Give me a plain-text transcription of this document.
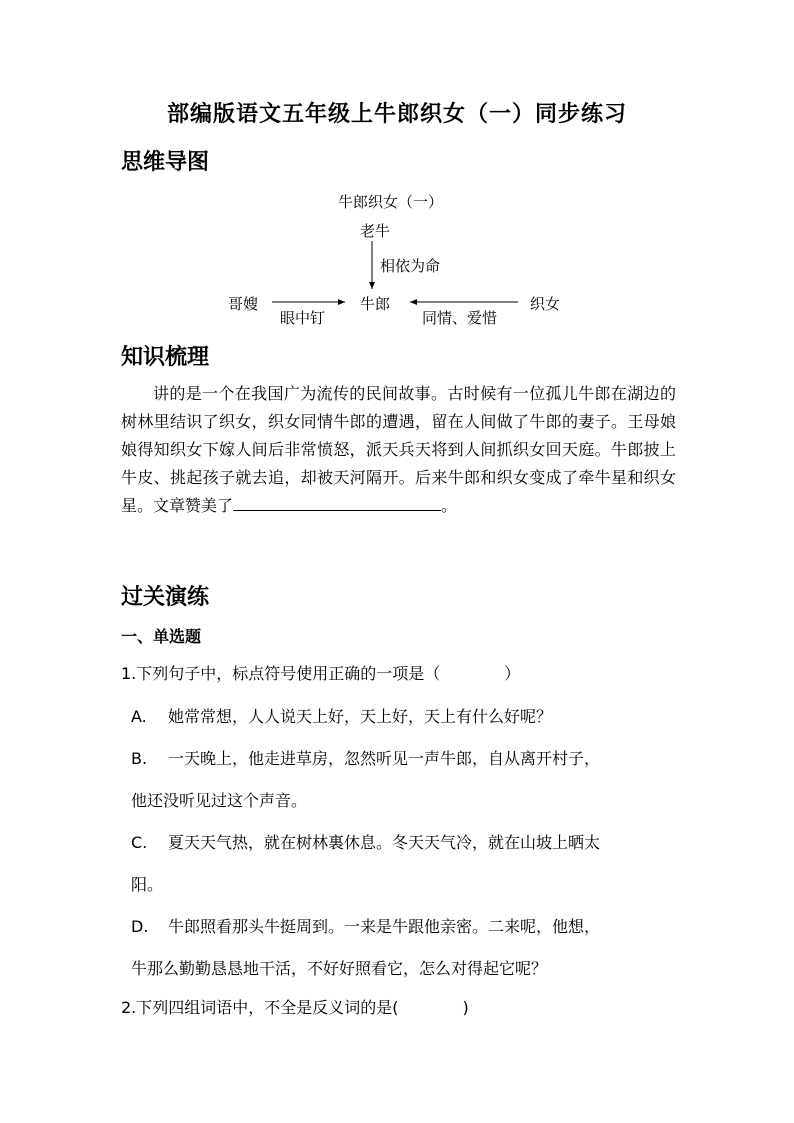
部编版语文五年级上牛郎织女（一）同步练习
思维导图
牛郎织女（一）
老牛
相依为命
哥嫂
眼中钉
牛郎
同情、爱惜
织女
知识梳理
讲的是一个在我国广为流传的民间故事。古时候有一位孤儿牛郎在湖边的树林里结识了织女，织女同情牛郎的遭遇，留在人间做了牛郎的妻子。王母娘娘得知织女下嫁人间后非常愤怒，派天兵天将到人间抓织女回天庭。牛郎披上牛皮、挑起孩子就去追，却被天河隔开。后来牛郎和织女变成了牵牛星和织女星。文章赞美了	。
过关演练
一、单选题
1.下列句子中，标点符号使用正确的一项是（　　　　）
A. 她常常想，人人说天上好，天上好，天上有什么好呢？
B. 一天晚上，他走进草房，忽然听见一声牛郎，自从离开村子，
他还没听见过这个声音。
C. 夏天天气热，就在树林裏休息。冬天天气冷，就在山坡上晒太
阳。
D. 牛郎照看那头牛挺周到。一来是牛跟他亲密。二来呢，他想，
牛那么勤勤恳恳地干活，不好好照看它，怎么对得起它呢？
2.下列四组词语中，不全是反义词的是(　　　　)
